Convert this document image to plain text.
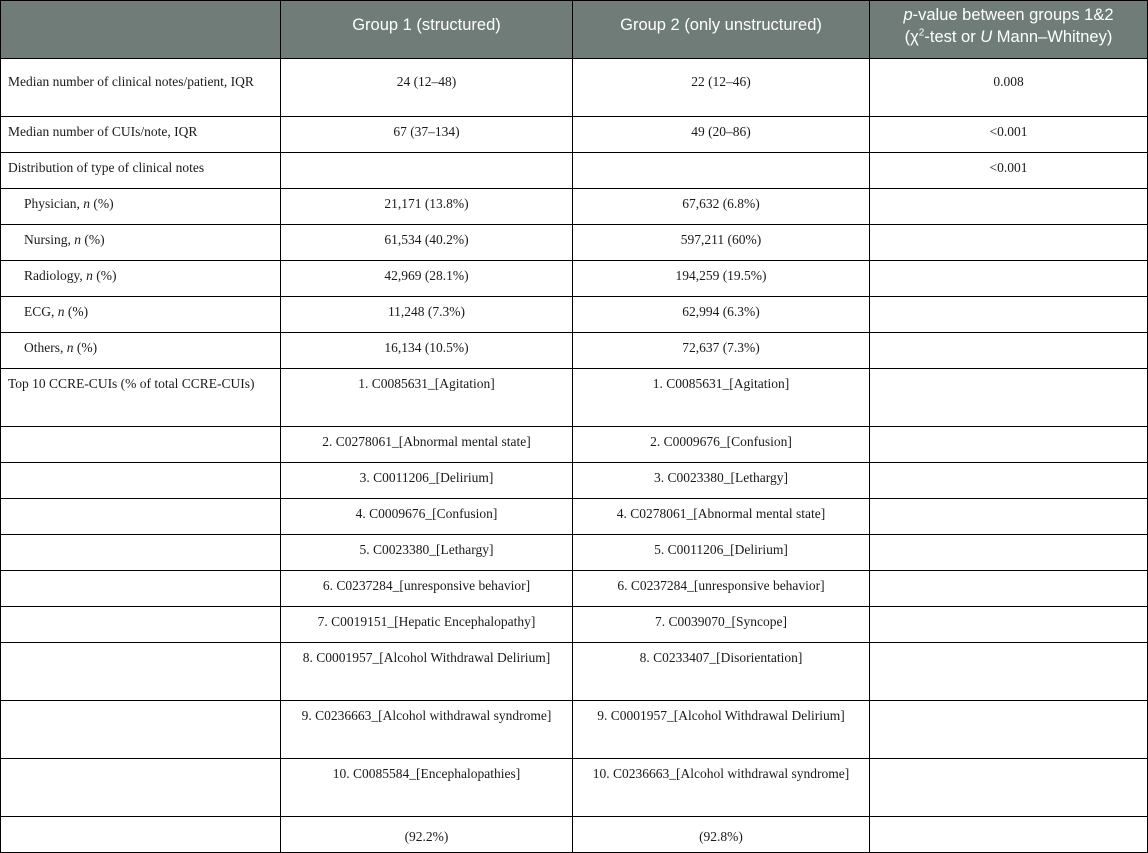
	Group 1 (structured)	Group 2 (only unstructured)	p-value between groups 1&2
($\chi^2$-test or U Mann–Whitney)
Median number of clinical notes/patient, IQR	24 (12–48)	22 (12–46)	0.008
Median number of CUIs/note, IQR	67 (37–134)	49 (20–86)	<0.001
Distribution of type of clinical notes			<0.001
Physician, n (%)	21,171 (13.8%)	67,632 (6.8%)	
Nursing, n (%)	61,534 (40.2%)	597,211 (60%)	
Radiology, n (%)	42,969 (28.1%)	194,259 (19.5%)	
ECG, n (%)	11,248 (7.3%)	62,994 (6.3%)	
Others, n (%)	16,134 (10.5%)	72,637 (7.3%)	
Top 10 CCRE-CUIs (% of total CCRE-CUIs)	1. C0085631_[Agitation]	1. C0085631_[Agitation]	
	2. C0278061_[Abnormal mental state]	2. C0009676_[Confusion]	
	3. C0011206_[Delirium]	3. C0023380_[Lethargy]	
	4. C0009676_[Confusion]	4. C0278061_[Abnormal mental state]	
	5. C0023380_[Lethargy]	5. C0011206_[Delirium]	
	6. C0237284_[unresponsive behavior]	6. C0237284_[unresponsive behavior]	
	7. C0019151_[Hepatic Encephalopathy]	7. C0039070_[Syncope]	
	8. C0001957_[Alcohol Withdrawal Delirium]	8. C0233407_[Disorientation]	
	9. C0236663_[Alcohol withdrawal syndrome]	9. C0001957_[Alcohol Withdrawal Delirium]	
	10. C0085584_[Encephalopathies]	10. C0236663_[Alcohol withdrawal syndrome]	
	(92.2%)	(92.8%)	
